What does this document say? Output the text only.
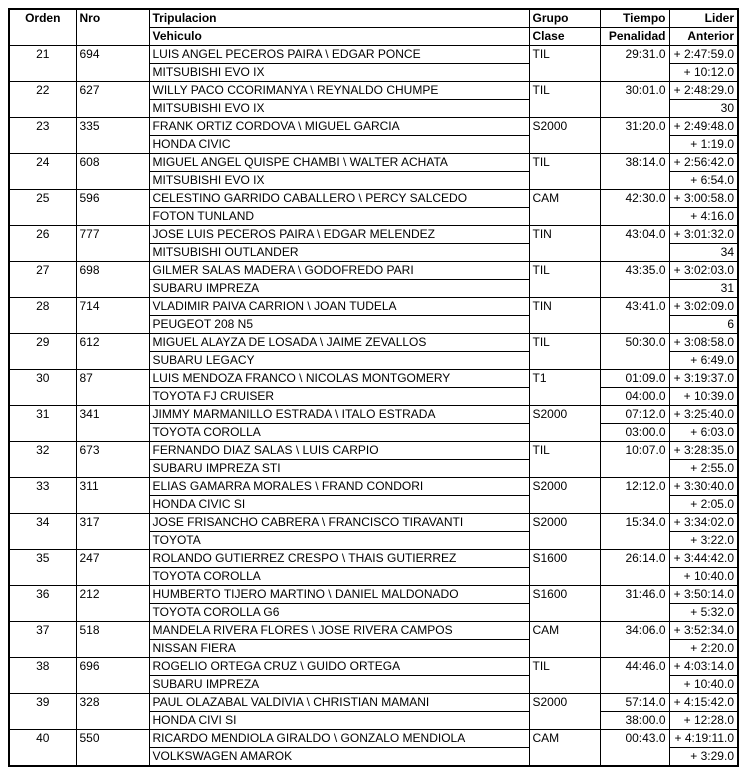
Orden	Nro	Tripulacion	Grupo	Tiempo	Lider
		Vehiculo	Clase	Penalidad	Anterior
21	694	LUIS ANGEL PECEROS PAIRA \ EDGAR PONCE	TIL	29:31.0	+ 2:47:59.0
		MITSUBISHI EVO IX			+ 10:12.0
22	627	WILLY PACO CCORIMANYA \ REYNALDO CHUMPE	TIL	30:01.0	+ 2:48:29.0
		MITSUBISHI EVO IX			30
23	335	FRANK ORTIZ CORDOVA \ MIGUEL GARCIA	S2000	31:20.0	+ 2:49:48.0
		HONDA CIVIC			+ 1:19.0
24	608	MIGUEL ANGEL QUISPE CHAMBI \ WALTER ACHATA	TIL	38:14.0	+ 2:56:42.0
		MITSUBISHI EVO IX			+ 6:54.0
25	596	CELESTINO GARRIDO CABALLERO \ PERCY SALCEDO	CAM	42:30.0	+ 3:00:58.0
		FOTON TUNLAND			+ 4:16.0
26	777	JOSE LUIS PECEROS PAIRA \ EDGAR MELENDEZ	TIN	43:04.0	+ 3:01:32.0
		MITSUBISHI OUTLANDER			34
27	698	GILMER SALAS MADERA \ GODOFREDO PARI	TIL	43:35.0	+ 3:02:03.0
		SUBARU IMPREZA			31
28	714	VLADIMIR PAIVA CARRION \ JOAN TUDELA	TIN	43:41.0	+ 3:02:09.0
		PEUGEOT 208 N5			6
29	612	MIGUEL ALAYZA DE LOSADA \ JAIME ZEVALLOS	TIL	50:30.0	+ 3:08:58.0
		SUBARU LEGACY			+ 6:49.0
30	87	LUIS MENDOZA FRANCO \ NICOLAS MONTGOMERY	T1	01:09.0	+ 3:19:37.0
		TOYOTA FJ CRUISER		04:00.0	+ 10:39.0
31	341	JIMMY MARMANILLO ESTRADA \ ITALO ESTRADA	S2000	07:12.0	+ 3:25:40.0
		TOYOTA COROLLA		03:00.0	+ 6:03.0
32	673	FERNANDO DIAZ SALAS \ LUIS CARPIO	TIL	10:07.0	+ 3:28:35.0
		SUBARU IMPREZA STI			+ 2:55.0
33	311	ELIAS GAMARRA MORALES \ FRAND CONDORI	S2000	12:12.0	+ 3:30:40.0
		HONDA CIVIC SI			+ 2:05.0
34	317	JOSE FRISANCHO CABRERA \ FRANCISCO TIRAVANTI	S2000	15:34.0	+ 3:34:02.0
		TOYOTA			+ 3:22.0
35	247	ROLANDO GUTIERREZ CRESPO \ THAIS GUTIERREZ	S1600	26:14.0	+ 3:44:42.0
		TOYOTA COROLLA			+ 10:40.0
36	212	HUMBERTO TIJERO MARTINO \ DANIEL MALDONADO	S1600	31:46.0	+ 3:50:14.0
		TOYOTA COROLLA G6			+ 5:32.0
37	518	MANDELA RIVERA FLORES \ JOSE RIVERA CAMPOS	CAM	34:06.0	+ 3:52:34.0
		NISSAN FIERA			+ 2:20.0
38	696	ROGELIO ORTEGA CRUZ \ GUIDO ORTEGA	TIL	44:46.0	+ 4:03:14.0
		SUBARU IMPREZA			+ 10:40.0
39	328	PAUL OLAZABAL VALDIVIA \ CHRISTIAN MAMANI	S2000	57:14.0	+ 4:15:42.0
		HONDA CIVI SI		38:00.0	+ 12:28.0
40	550	RICARDO MENDIOLA GIRALDO \ GONZALO MENDIOLA	CAM	00:43.0	+ 4:19:11.0
		VOLKSWAGEN AMAROK			+ 3:29.0
